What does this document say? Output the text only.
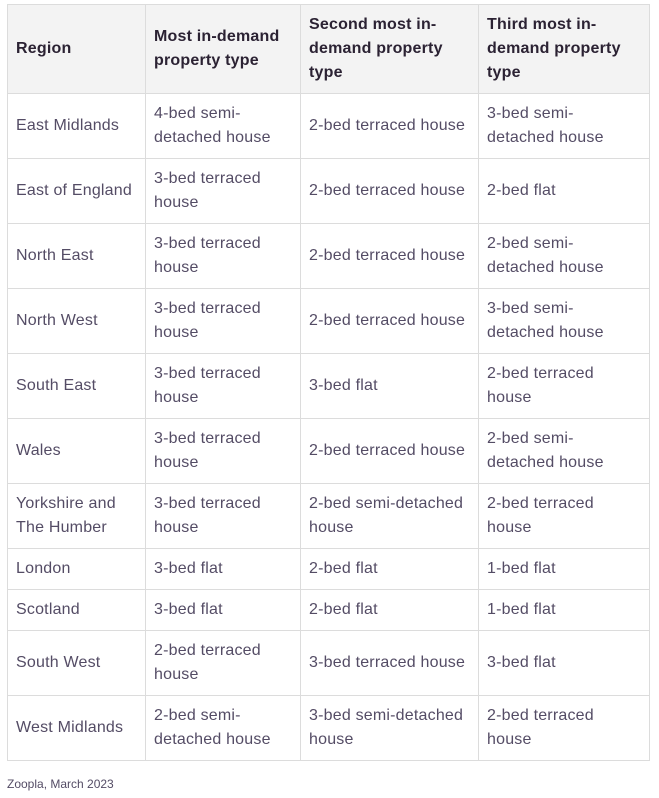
Region	Most in-demand property type	Second most in-demand property type	Third most in-demand property type
East Midlands	4-bed semi-detached house	2-bed terraced house	3-bed semi-detached house
East of England	3-bed terraced house	2-bed terraced house	2-bed flat
North East	3-bed terraced house	2-bed terraced house	2-bed semi-detached house
North West	3-bed terraced house	2-bed terraced house	3-bed semi-detached house
South East	3-bed terraced house	3-bed flat	2-bed terraced house
Wales	3-bed terraced house	2-bed terraced house	2-bed semi-detached house
Yorkshire and The Humber	3-bed terraced house	2-bed semi-detached house	2-bed terraced house
London	3-bed flat	2-bed flat	1-bed flat
Scotland	3-bed flat	2-bed flat	1-bed flat
South West	2-bed terraced house	3-bed terraced house	3-bed flat
West Midlands	2-bed semi-detached house	3-bed semi-detached house	2-bed terraced house
Zoopla, March 2023
